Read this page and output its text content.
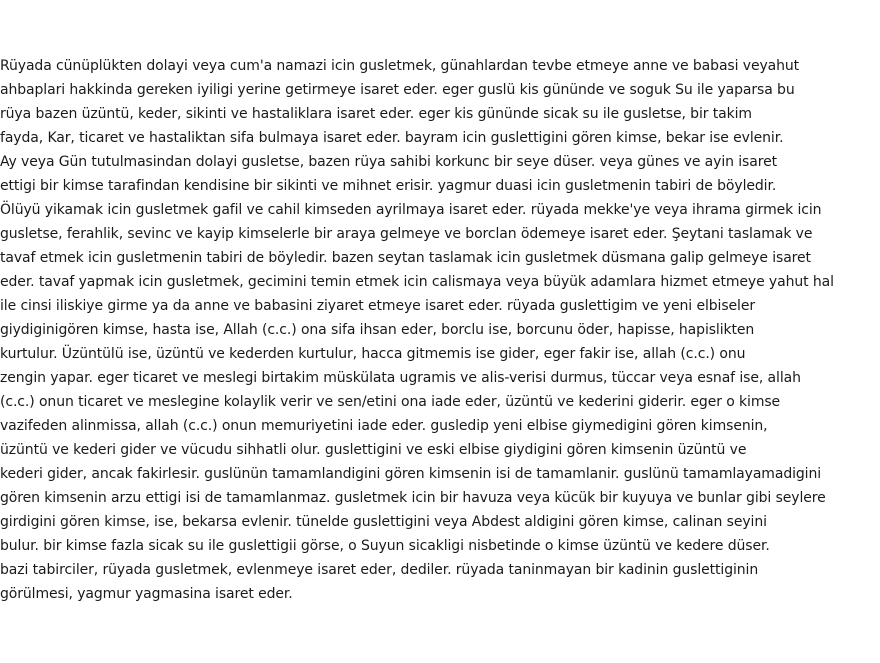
Rüyada cünüplükten dolayi veya cum'a namazi icin gusletmek, günahlardan tevbe etmeye anne ve babasi veyahut
ahbaplari hakkinda gereken iyiligi yerine getirmeye isaret eder. eger guslü kis gününde ve soguk Su ile yaparsa bu
rüya bazen üzüntü, keder, sikinti ve hastaliklara isaret eder. eger kis gününde sicak su ile gusletse, bir takim
fayda, Kar, ticaret ve hastaliktan sifa bulmaya isaret eder. bayram icin guslettigini gören kimse, bekar ise evlenir.
Ay veya Gün tutulmasindan dolayi gusletse, bazen rüya sahibi korkunc bir seye düser. veya günes ve ayin isaret
ettigi bir kimse tarafindan kendisine bir sikinti ve mihnet erisir. yagmur duasi icin gusletmenin tabiri de böyledir.
Ölüyü yikamak icin gusletmek gafil ve cahil kimseden ayrilmaya isaret eder. rüyada mekke'ye veya ihrama girmek icin
gusletse, ferahlik, sevinc ve kayip kimselerle bir araya gelmeye ve borclan ödemeye isaret eder. Şeytani taslamak ve
tavaf etmek icin gusletmenin tabiri de böyledir. bazen seytan taslamak icin gusletmek düsmana galip gelmeye isaret
eder. tavaf yapmak icin gusletmek, gecimini temin etmek icin calismaya veya büyük adamlara hizmet etmeye yahut hal
ile cinsi iliskiye girme ya da anne ve babasini ziyaret etmeye isaret eder. rüyada guslettigim ve yeni elbiseler
giydiginigören kimse, hasta ise, Allah (c.c.) ona sifa ihsan eder, borclu ise, borcunu öder, hapisse, hapislikten
kurtulur. Üzüntülü ise, üzüntü ve kederden kurtulur, hacca gitmemis ise gider, eger fakir ise, allah (c.c.) onu
zengin yapar. eger ticaret ve meslegi birtakim müskülata ugramis ve alis-verisi durmus, tüccar veya esnaf ise, allah
(c.c.) onun ticaret ve meslegine kolaylik verir ve sen/etini ona iade eder, üzüntü ve kederini giderir. eger o kimse
vazifeden alinmissa, allah (c.c.) onun memuriyetini iade eder. gusledip yeni elbise giymedigini gören kimsenin,
üzüntü ve kederi gider ve vücudu sihhatli olur. guslettigini ve eski elbise giydigini gören kimsenin üzüntü ve
kederi gider, ancak fakirlesir. guslünün tamamlandigini gören kimsenin isi de tamamlanir. guslünü tamamlayamadigini
gören kimsenin arzu ettigi isi de tamamlanmaz. gusletmek icin bir havuza veya kücük bir kuyuya ve bunlar gibi seylere
girdigini gören kimse, ise, bekarsa evlenir. tünelde guslettigini veya Abdest aldigini gören kimse, calinan seyini
bulur. bir kimse fazla sicak su ile guslettigii görse, o Suyun sicakligi nisbetinde o kimse üzüntü ve kedere düser.
bazi tabirciler, rüyada gusletmek, evlenmeye isaret eder, dediler. rüyada taninmayan bir kadinin guslettiginin
görülmesi, yagmur yagmasina isaret eder.
